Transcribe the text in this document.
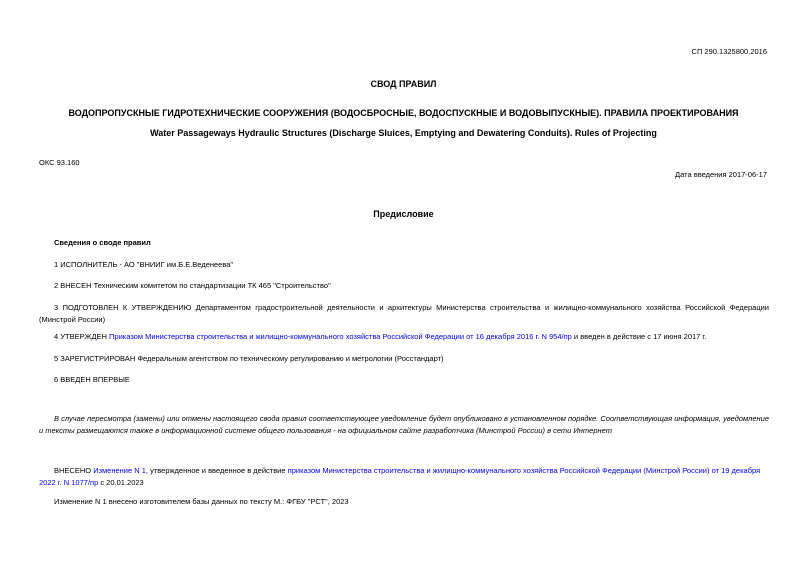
СП 290.1325800.2016
СВОД ПРАВИЛ
ВОДОПРОПУСКНЫЕ ГИДРОТЕХНИЧЕСКИЕ СООРУЖЕНИЯ (ВОДОСБРОСНЫЕ, ВОДОСПУСКНЫЕ И ВОДОВЫПУСКНЫЕ). ПРАВИЛА ПРОЕКТИРОВАНИЯ
Water Passageways Hydraulic Structures (Discharge Sluices, Emptying and Dewatering Conduits). Rules of Projecting
ОКС 93.160
Дата введения 2017-06-17
Предисловие
Сведения о своде правил
1 ИСПОЛНИТЕЛЬ - АО "ВНИИГ им.Б.Е.Веденеева"
2 ВНЕСЕН Техническим комитетом по стандартизации ТК 465 "Строительство"
3 ПОДГОТОВЛЕН К УТВЕРЖДЕНИЮ Департаментом градостроительной деятельности и архитектуры Министерства строительства и жилищно-коммунального хозяйства Российской Федерации (Минстрой России)
4 УТВЕРЖДЕН Приказом Министерства строительства и жилищно-коммунального хозяйства Российской Федерации от 16 декабря 2016 г. N 954/пр и введен в действие с 17 июня 2017 г.
5 ЗАРЕГИСТРИРОВАН Федеральным агентством по техническому регулированию и метрологии (Росстандарт)
6 ВВЕДЕН ВПЕРВЫЕ
В случае пересмотра (замены) или отмены настоящего свода правил соответствующее уведомление будет опубликовано в установленном порядке. Соответствующая информация, уведомление и тексты размещаются также в информационной системе общего пользования - на официальном сайте разработчика (Минстрой России) в сети Интернет
ВНЕСЕНО Изменение N 1, утвержденное и введенное в действие приказом Министерства строительства и жилищно-коммунального хозяйства Российской Федерации (Минстрой России) от 19 декабря 2022 г. N 1077/пр с 20.01.2023
Изменение N 1 внесено изготовителем базы данных по тексту М.: ФГБУ "РСТ", 2023
